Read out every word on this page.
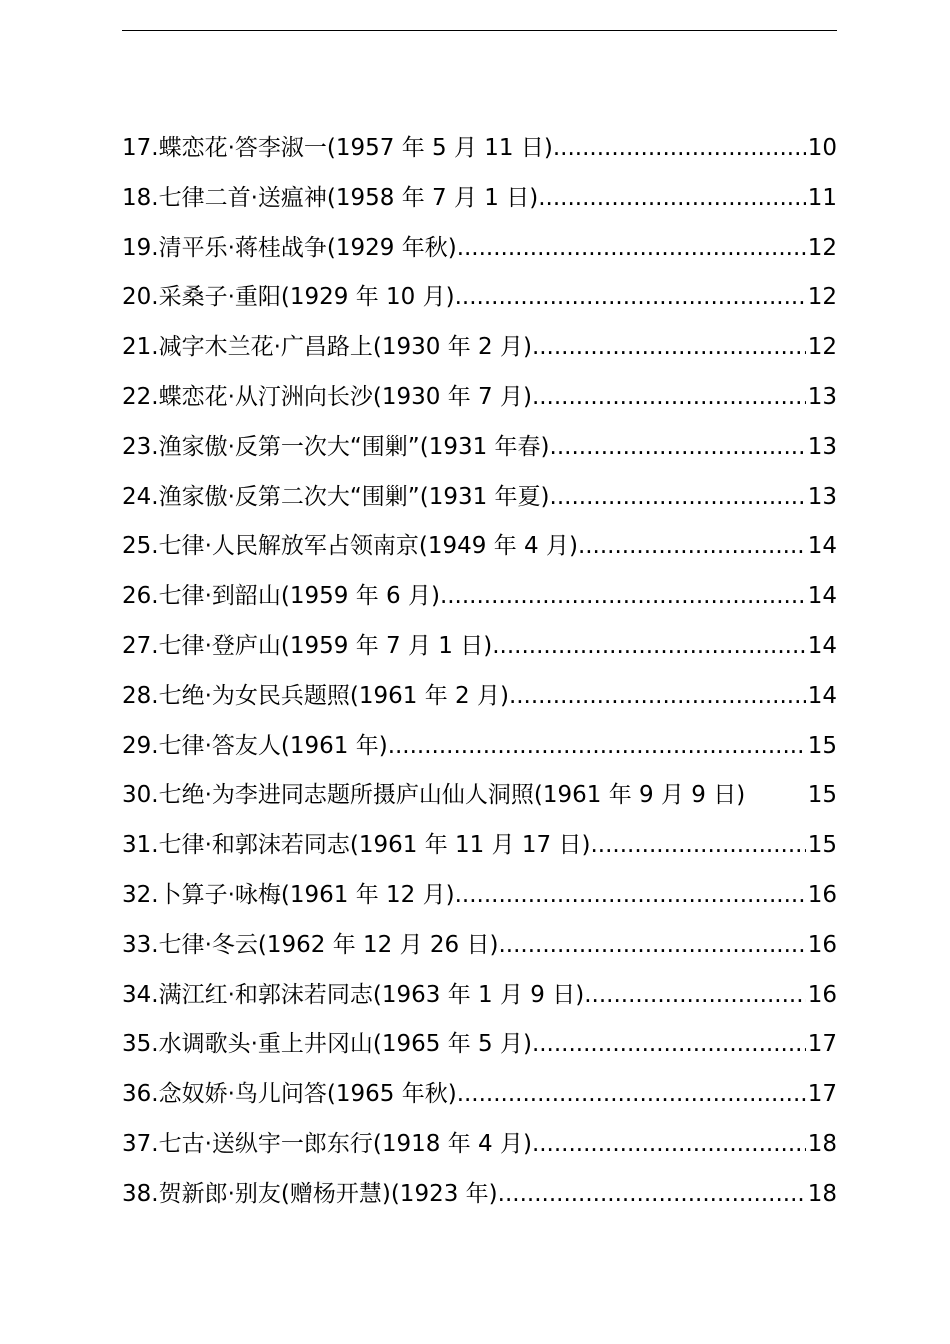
17.蝶恋花·答李淑一(1957 年 5 月 11 日) .....	10
18.七律二首·送瘟神(1958 年 7 月 1 日) .....	11
19.清平乐·蒋桂战争(1929 年秋) .....	12
20.采桑子·重阳(1929 年 10 月) .....	12
21.减字木兰花·广昌路上(1930 年 2 月) .....	12
22.蝶恋花·从汀洲向长沙(1930 年 7 月) .....	13
23.渔家傲·反第一次大“围剿”(1931 年春) .....	13
24.渔家傲·反第二次大“围剿”(1931 年夏) .....	13
25.七律·人民解放军占领南京(1949 年 4 月) .....	14
26.七律·到韶山(1959 年 6 月) .....	14
27.七律·登庐山(1959 年 7 月 1 日) .....	14
28.七绝·为女民兵题照(1961 年 2 月) .....	14
29.七律·答友人(1961 年) .....	15
30.七绝·为李进同志题所摄庐山仙人洞照(1961 年 9 月 9 日)	15
31.七律·和郭沫若同志(1961 年 11 月 17 日) .....	15
32.卜算子·咏梅(1961 年 12 月) .....	16
33.七律·冬云(1962 年 12 月 26 日) .....	16
34.满江红·和郭沫若同志(1963 年 1 月 9 日) .....	16
35.水调歌头·重上井冈山(1965 年 5 月) .....	17
36.念奴娇·鸟儿问答(1965 年秋) .....	17
37.七古·送纵宇一郎东行(1918 年 4 月) .....	18
38.贺新郎·别友(赠杨开慧)(1923 年) .....	18
